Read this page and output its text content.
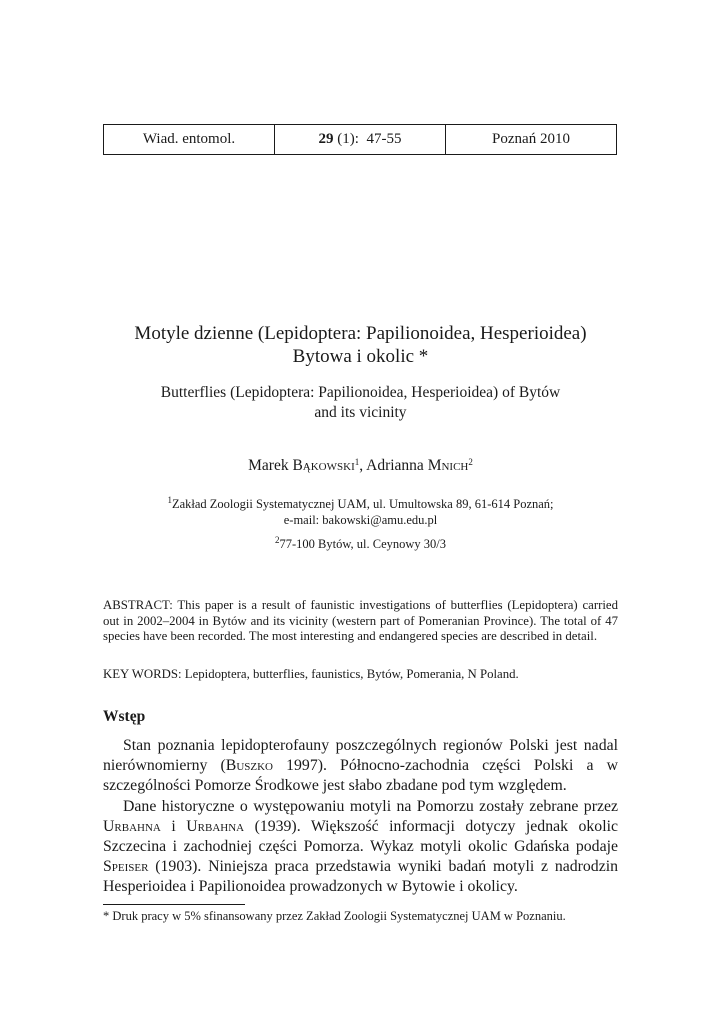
Wiad. entomol.	29 (1):  47-55	Poznań 2010
Motyle dzienne (Lepidoptera: Papilionoidea, Hesperioidea)
Bytowa i okolic *
Butterflies (Lepidoptera: Papilionoidea, Hesperioidea) of Bytów
and its vicinity
Marek Bąkowski$^1$, Adrianna Mnich$^2$
$^1$Zakład Zoologii Systematycznej UAM, ul. Umultowska 89, 61-614 Poznań;
e-mail: bakowski@amu.edu.pl
$^2$77-100 Bytów, ul. Ceynowy 30/3
ABSTRACT: This paper is a result of faunistic investigations of butterflies (Lepidoptera) carried out in 2002–2004 in Bytów and its vicinity (western part of Pomeranian Province). The total of 47 species have been recorded. The most interesting and endangered species are described in detail.
KEY WORDS: Lepidoptera, butterflies, faunistics, Bytów, Pomerania, N Poland.
Wstęp

Stan poznania lepidopterofauny poszczególnych regionów Polski jest nadal nierównomierny (Buszko 1997). Północno-zachodnia części Polski a w szczególności Pomorze Środkowe jest słabo zbadane pod tym względem.

Dane historyczne o występowaniu motyli na Pomorzu zostały zebrane przez Urbahna i Urbahna (1939). Większość informacji dotyczy jednak okolic Szczecina i zachodniej części Pomorza. Wykaz motyli okolic Gdańska podaje Speiser (1903). Niniejsza praca przedstawia wyniki badań motyli z nadrodzin Hesperioidea i Papilionoidea prowadzonych w Bytowie i okolicy.

* Druk pracy w 5% sfinansowany przez Zakład Zoologii Systematycznej UAM w Poznaniu.
